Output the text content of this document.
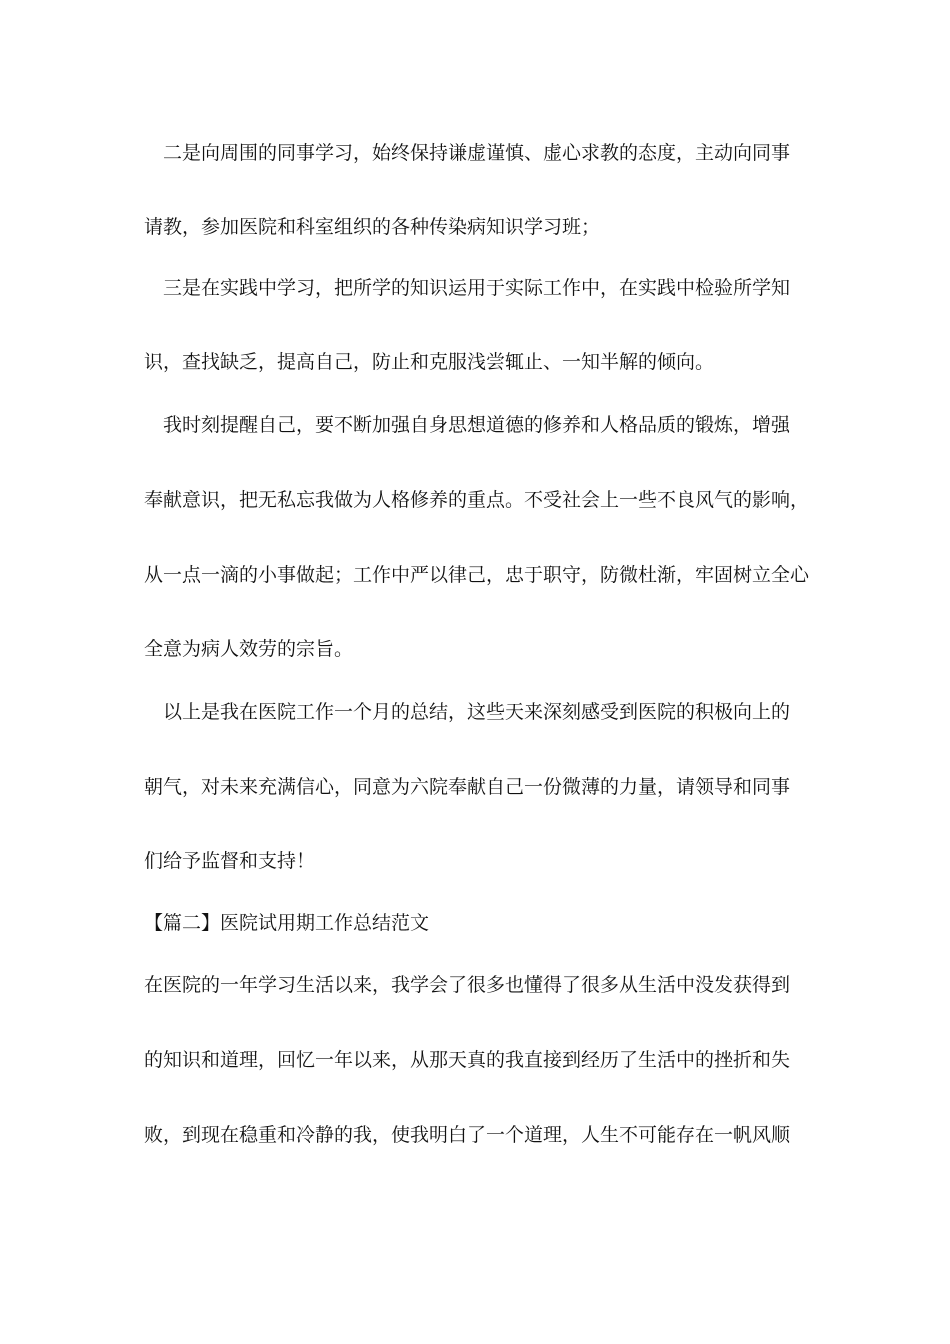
　二是向周围的同事学习，始终保持谦虚谨慎、虚心求教的态度，主动向同事
请教，参加医院和科室组织的各种传染病知识学习班；
　三是在实践中学习，把所学的知识运用于实际工作中，在实践中检验所学知
识，查找缺乏，提高自己，防止和克服浅尝辄止、一知半解的倾向。
　我时刻提醒自己，要不断加强自身思想道德的修养和人格品质的锻炼，增强
奉献意识，把无私忘我做为人格修养的重点。不受社会上一些不良风气的影响，
从一点一滴的小事做起；工作中严以律己，忠于职守，防微杜渐，牢固树立全心
全意为病人效劳的宗旨。
　以上是我在医院工作一个月的总结，这些天来深刻感受到医院的积极向上的
朝气，对未来充满信心，同意为六院奉献自己一份微薄的力量，请领导和同事
们给予监督和支持！
【篇二】医院试用期工作总结范文
在医院的一年学习生活以来，我学会了很多也懂得了很多从生活中没发获得到
的知识和道理，回忆一年以来，从那天真的我直接到经历了生活中的挫折和失
败，到现在稳重和冷静的我，使我明白了一个道理，人生不可能存在一帆风顺
